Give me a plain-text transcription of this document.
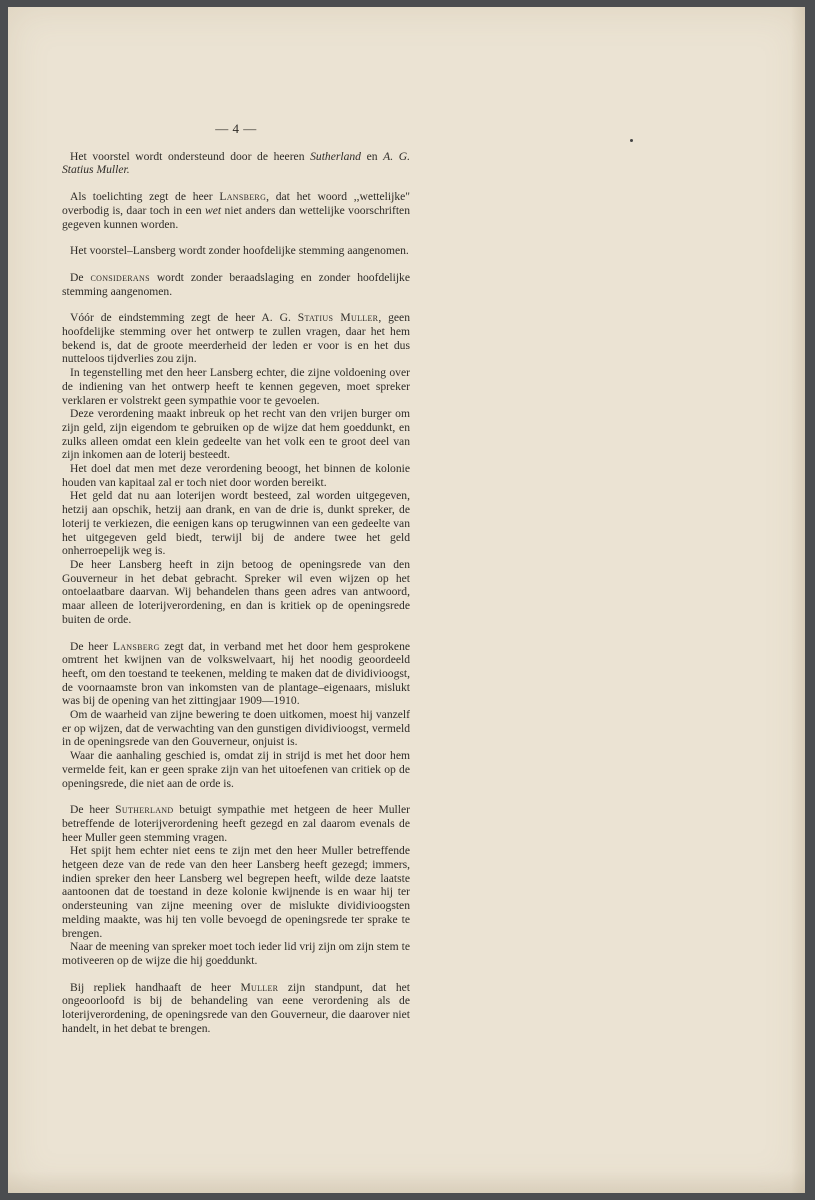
— 4 —

Het voorstel wordt ondersteund door de heeren Sutherland en A. G. Statius Muller.

Als toelichting zegt de heer Lansberg, dat het woord ,,wettelijke" overbodig is, daar toch in een wet niet anders dan wettelijke voorschriften gegeven kunnen worden.

Het voorstel–Lansberg wordt zonder hoofdelijke stemming aangenomen.

De considerans wordt zonder beraadslaging en zonder hoofdelijke stemming aangenomen.

Vóór de eindstemming zegt de heer A. G. Statius Muller, geen hoofdelijke stemming over het ontwerp te zullen vragen, daar het hem bekend is, dat de groote meerderheid der leden er voor is en het dus nutteloos tijdverlies zou zijn.

In tegenstelling met den heer Lansberg echter, die zijne voldoening over de indiening van het ontwerp heeft te kennen gegeven, moet spreker verklaren er volstrekt geen sympathie voor te gevoelen.

Deze verordening maakt inbreuk op het recht van den vrijen burger om zijn geld, zijn eigendom te gebruiken op de wijze dat hem goeddunkt, en zulks alleen omdat een klein gedeelte van het volk een te groot deel van zijn inkomen aan de loterij besteedt.

Het doel dat men met deze verordening beoogt, het binnen de kolonie houden van kapitaal zal er toch niet door worden bereikt.

Het geld dat nu aan loterijen wordt besteed, zal worden uitgegeven, hetzij aan opschik, hetzij aan drank, en van de drie is, dunkt spreker, de loterij te verkiezen, die eenigen kans op terugwinnen van een gedeelte van het uitgegeven geld biedt, terwijl bij de andere twee het geld onherroepelijk weg is.

De heer Lansberg heeft in zijn betoog de openingsrede van den Gouverneur in het debat gebracht. Spreker wil even wijzen op het ontoelaatbare daarvan. Wij behandelen thans geen adres van antwoord, maar alleen de loterijverordening, en dan is kritiek op de openingsrede buiten de orde.

De heer Lansberg zegt dat, in verband met het door hem gesprokene omtrent het kwijnen van de volkswelvaart, hij het noodig geoordeeld heeft, om den toestand te teekenen, melding te maken dat de dividivioogst, de voornaamste bron van inkomsten van de plantage–eigenaars, mislukt was bij de opening van het zittingjaar 1909—1910.

Om de waarheid van zijne bewering te doen uitkomen, moest hij vanzelf er op wijzen, dat de verwachting van den gunstigen dividivioogst, vermeld in de openingsrede van den Gouverneur, onjuist is.

Waar die aanhaling geschied is, omdat zij in strijd is met het door hem vermelde feit, kan er geen sprake zijn van het uitoefenen van critiek op de openingsrede, die niet aan de orde is.

De heer Sutherland betuigt sympathie met hetgeen de heer Muller betreffende de loterijverordening heeft gezegd en zal daarom evenals de heer Muller geen stemming vragen.

Het spijt hem echter niet eens te zijn met den heer Muller betreffende hetgeen deze van de rede van den heer Lansberg heeft gezegd; immers, indien spreker den heer Lansberg wel begrepen heeft, wilde deze laatste aantoonen dat de toestand in deze kolonie kwijnende is en waar hij ter ondersteuning van zijne meening over de mislukte dividivioogsten melding maakte, was hij ten volle bevoegd de openingsrede ter sprake te brengen.

Naar de meening van spreker moet toch ieder lid vrij zijn om zijn stem te motiveeren op de wijze die hij goeddunkt.

Bij repliek handhaaft de heer Muller zijn standpunt, dat het ongeoorloofd is bij de behandeling van eene verordening als de loterijverordening, de openingsrede van den Gouverneur, die daarover niet handelt, in het debat te brengen.
